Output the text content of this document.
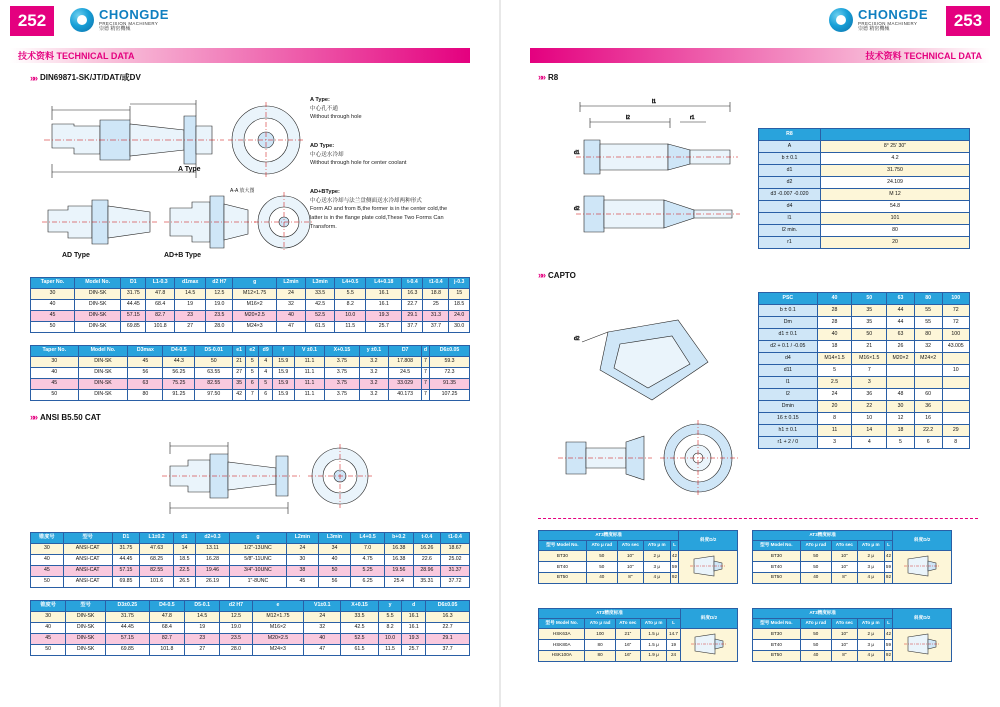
252	CHONGDE
PRECISION MACHINERY
崇德 精密機械
技术资料 TECHNICAL DATA
253
CHONGDE
PRECISION MACHINERY
崇德 精密機械
技术资料 TECHNICAL DATA
»» DIN69871-SK/JT/DAT/或DV
A-A 放大图
A Type
AD Type	AD+B Type
A Type:
中心孔不通
Without through hole
AD Type:
中心送水冷却
Without through hole for center coolant
AD+BType:
中心送水冷却与法兰盘侧面送水冷却两种形式
Form AD and from B,the former is in the center cold,the latter is in the flange plate cold,These Two Forms Can Transform.
Taper No.	Model No.	D1	L1-0.3	d1max	d2 H7	g	L2min	L3min	L4+0.5	L4+0.18	t-0.4	t1-0.4	j-0.3
30	DIN-SK	31.75	47.8	14.5	12.5	M12×1.75	24	33.5	5.5	16.1	16.3	18.8	15
40	DIN-SK	44.45	68.4	19	19.0	M16×2	32	42.5	8.2	16.1	22.7	25	18.5
45	DIN-SK	57.15	82.7	23	23.5	M20×2.5	40	52.5	10.0	19.3	29.1	31.3	24.0
50	DIN-SK	69.85	101.8	27	28.0	M24×3	47	61.5	11.5	25.7	37.7	37.7	30.0
Taper No.	Model No.	D3max	D4-0.5	D5-0.01	e1	e2	d9	f	V ±0.1	X+0.15	y ±0.1	D7	d	D6±0.05
30	DIN-SK	45	44.3	50	21	5	4	15.9	11.1	3.75	3.2	17.808	7	59.3
40	DIN-SK	56	56.25	63.55	27	5	4	15.9	11.1	3.75	3.2	24.5	7	72.3
45	DIN-SK	63	75.25	82.55	35	6	5	15.9	11.1	3.75	3.2	33.029	7	91.35
50	DIN-SK	80	91.25	97.50	42	7	6	15.9	11.1	3.75	3.2	40.173	7	107.25
»» ANSI B5.50 CAT
锥度号	型号	D1	L1±0.2	d1	d2+0.3	g	L2min	L3min	L4+0.5	b+0.2	t-0.4	t1-0.4
30	ANSI-CAT	31.75	47.63	14	13.11	1/2"-13UNC	24	34	7.0	16.38	16.26	18.67
40	ANSI-CAT	44.45	68.25	18.5	16.28	5/8"-11UNC	30	40	4.75	16.38	22.6	25.02
45	ANSI-CAT	57.15	82.55	22.5	19.46	3/4"-10UNC	38	50	5.25	19.56	28.96	31.37
50	ANSI-CAT	69.85	101.6	26.5	26.19	1"-8UNC	45	56	6.25	25.4	35.31	37.72
锥度号	型号	D3±0.25	D4-0.5	D5-0.1	d2 H7	e	V1±0.1	X+0.15	y	d	D6±0.05
30	DIN-SK	31.75	47.8	14.5	12.5	M12×1.75	24	33.5	5.5	16.1	16.3
40	DIN-SK	44.45	68.4	19	19.0	M16×2	32	42.5	8.2	16.1	22.7
45	DIN-SK	57.15	82.7	23	23.5	M20×2.5	40	52.5	10.0	19.3	29.1
50	DIN-SK	69.85	101.8	27	28.0	M24×3	47	61.5	11.5	25.7	37.7
»» R8
l1
l2	r1
d1
d2
R8	
A	8° 25' 30"
b ± 0.1	4.2
d1	31.750
d2	24.109
d3 -0.007 -0.020	M 12
d4	54.8
l1	101
l2 min.	80
r1	20
»» CAPTO
d2
PSC	40	50	63	80	100
b ± 0.1	28	35	44	55	72
Dm	28	35	44	55	72
d1 ± 0.1	40	50	63	80	100
d2 + 0.1 / -0.05	18	21	26	32	43.005
d4	M14×1.5	M16×1.5	M20×2	M24×2	
d11	5	7			10
l1	2.5	3			
l2	24	36	48	60	
Dmin	20	22	30	36	
16 ± 0.15	8	10	12	16	
h1 ± 0.1	11	14	18	22.2	29
r1 + 2 / 0	3	4	5	6	8
AT3精度标准					斜度D/2
型号 Model No.	ATo μ rad	ATo sec	ATo μ m	L	
BT30	50	10"	2 μ	42	
BT40	50	10"	3 μ	59	
BT50	40	8"	4 μ	92	
AT3精度标准					斜度D/2
型号 Model No.	ATo μ rad	ATo sec	ATo μ m	L	
BT30	50	10"	2 μ	42	
BT40	50	10"	3 μ	59	
BT50	40	8"	4 μ	92	
AT3精度标准					斜度D/2
型号 Model No.	ATo μ rad	ATo sec	ATo μ m	L	
HSK63A	100	21"	1.5 μ	14.7	
HSK80A	80	16"	1.5 μ	19	
HSK100A	80	16"	1.9 μ	24	
AT3精度标准					斜度D/2
型号 Model No.	ATo μ rad	ATo sec	ATo μ m	L	
BT30	50	10"	2 μ	42	
BT40	50	10"	3 μ	59	
BT50	40	8"	4 μ	92	
